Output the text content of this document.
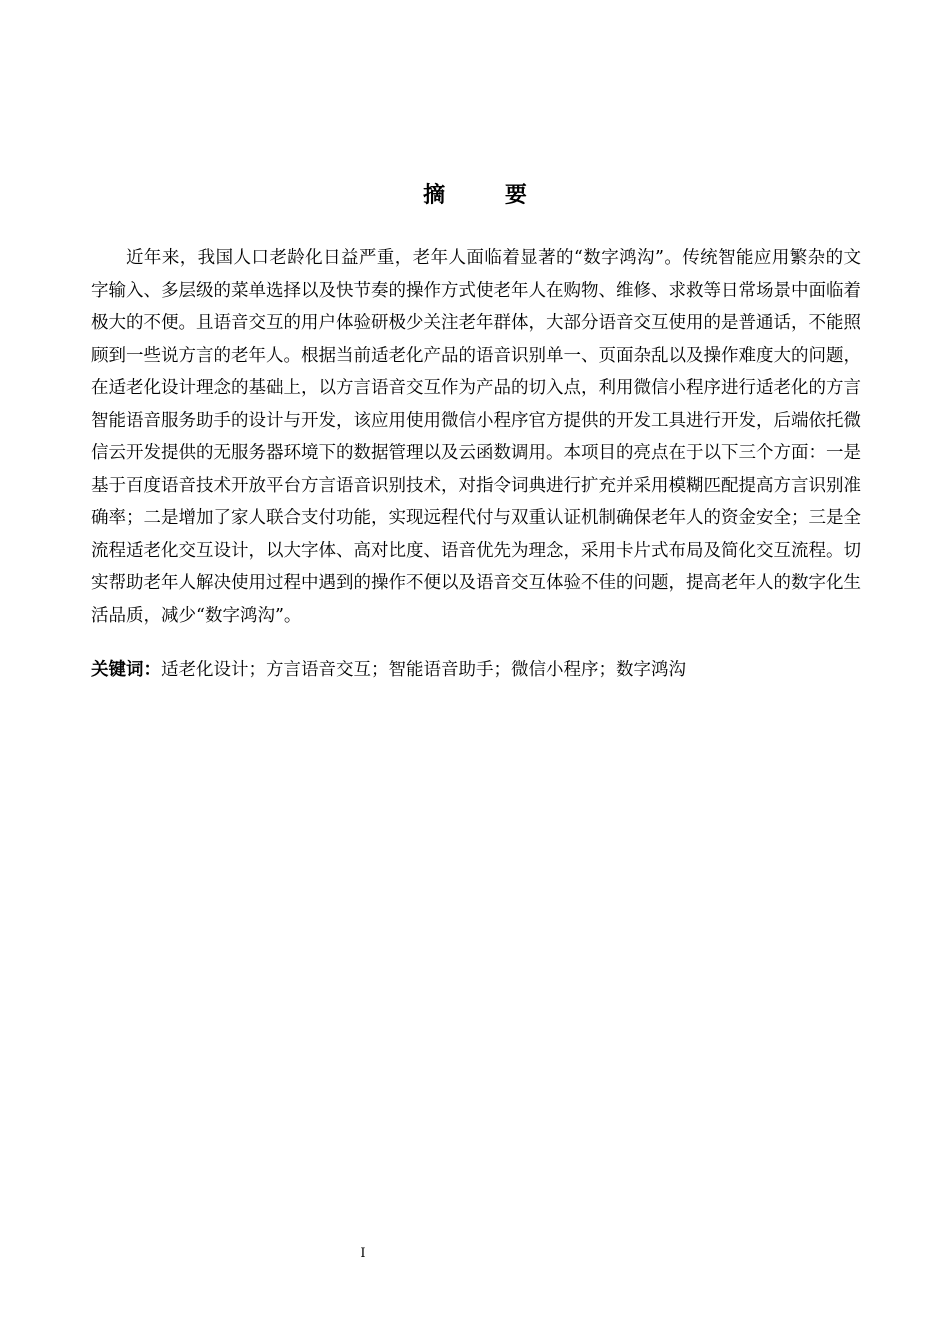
摘 要

近年来，我国人口老龄化日益严重，老年人面临着显著的“数字鸿沟”。传统智能应用繁杂的文字输入、多层级的菜单选择以及快节奏的操作方式使老年人在购物、维修、求救等日常场景中面临着极大的不便。且语音交互的用户体验研极少关注老年群体，大部分语音交互使用的是普通话，不能照顾到一些说方言的老年人。根据当前适老化产品的语音识别单一、页面杂乱以及操作难度大的问题，在适老化设计理念的基础上，以方言语音交互作为产品的切入点，利用微信小程序进行适老化的方言智能语音服务助手的设计与开发，该应用使用微信小程序官方提供的开发工具进行开发，后端依托微信云开发提供的无服务器环境下的数据管理以及云函数调用。本项目的亮点在于以下三个方面：一是基于百度语音技术开放平台方言语音识别技术，对指令词典进行扩充并采用模糊匹配提高方言识别准确率；二是增加了家人联合支付功能，实现远程代付与双重认证机制确保老年人的资金安全；三是全流程适老化交互设计，以大字体、高对比度、语音优先为理念，采用卡片式布局及简化交互流程。切实帮助老年人解决使用过程中遇到的操作不便以及语音交互体验不佳的问题，提高老年人的数字化生活品质，减少“数字鸿沟”。

关键词：适老化设计；方言语音交互；智能语音助手；微信小程序；数字鸿沟

I
